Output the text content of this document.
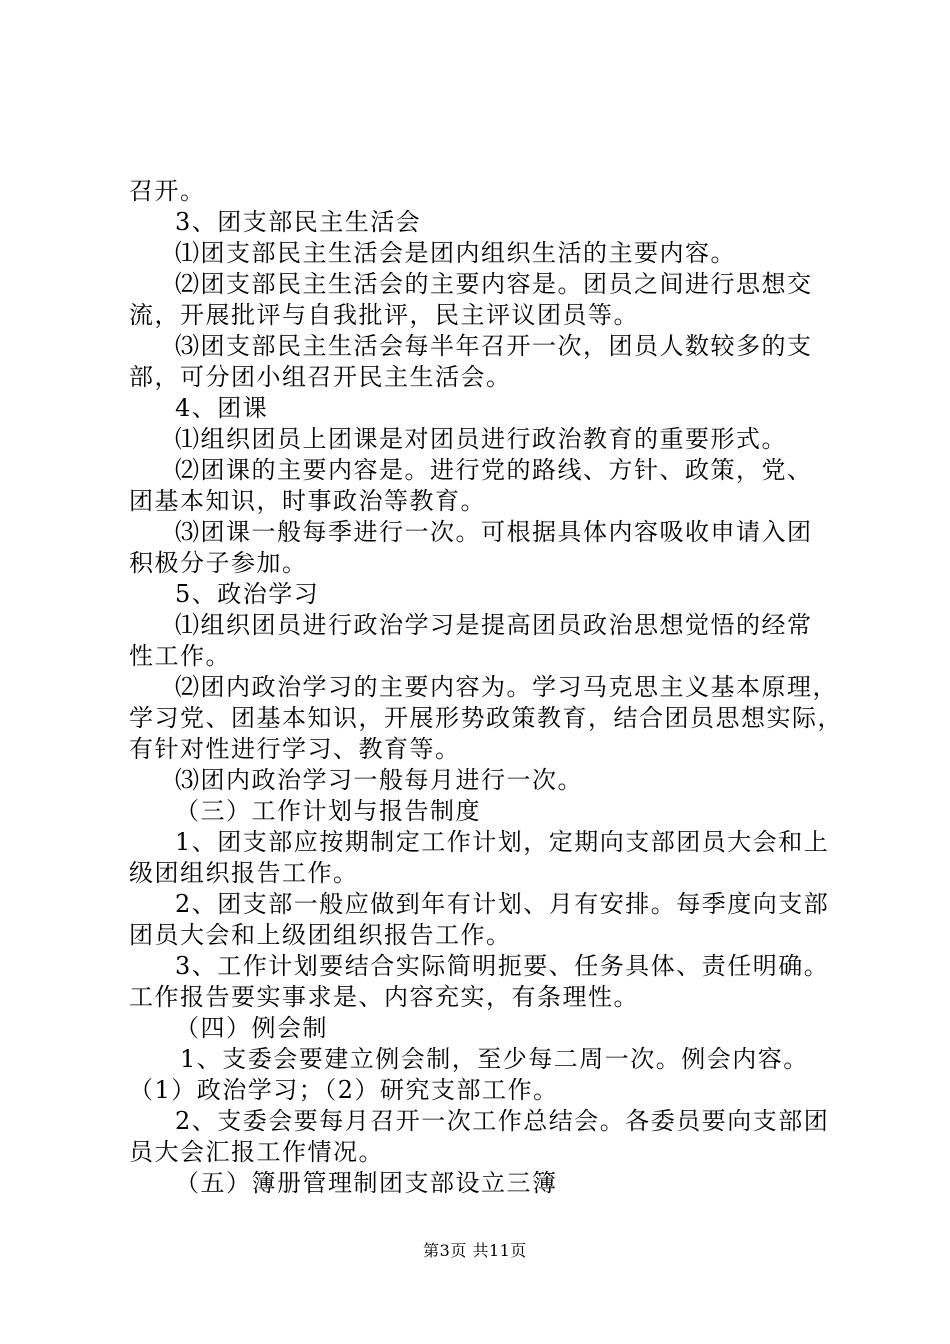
召开。
3、团支部民主生活会
⑴团支部民主生活会是团内组织生活的主要内容。
⑵团支部民主生活会的主要内容是。团员之间进行思想交
流，开展批评与自我批评，民主评议团员等。
⑶团支部民主生活会每半年召开一次，团员人数较多的支
部，可分团小组召开民主生活会。
4、团课
⑴组织团员上团课是对团员进行政治教育的重要形式。
⑵团课的主要内容是。进行党的路线、方针、政策，党、
团基本知识，时事政治等教育。
⑶团课一般每季进行一次。可根据具体内容吸收申请入团
积极分子参加。
5、政治学习
⑴组织团员进行政治学习是提高团员政治思想觉悟的经常
性工作。
⑵团内政治学习的主要内容为。学习马克思主义基本原理，
学习党、团基本知识，开展形势政策教育，结合团员思想实际，
有针对性进行学习、教育等。
⑶团内政治学习一般每月进行一次。
（三）工作计划与报告制度
1、团支部应按期制定工作计划，定期向支部团员大会和上
级团组织报告工作。
2、团支部一般应做到年有计划、月有安排。每季度向支部
团员大会和上级团组织报告工作。
3、工作计划要结合实际简明扼要、任务具体、责任明确。
工作报告要实事求是、内容充实，有条理性。
（四）例会制
1、支委会要建立例会制，至少每二周一次。例会内容。
（1）政治学习；（2）研究支部工作。
2、支委会要每月召开一次工作总结会。各委员要向支部团
员大会汇报工作情况。
（五）簿册管理制团支部设立三簿
第3页 共11页
